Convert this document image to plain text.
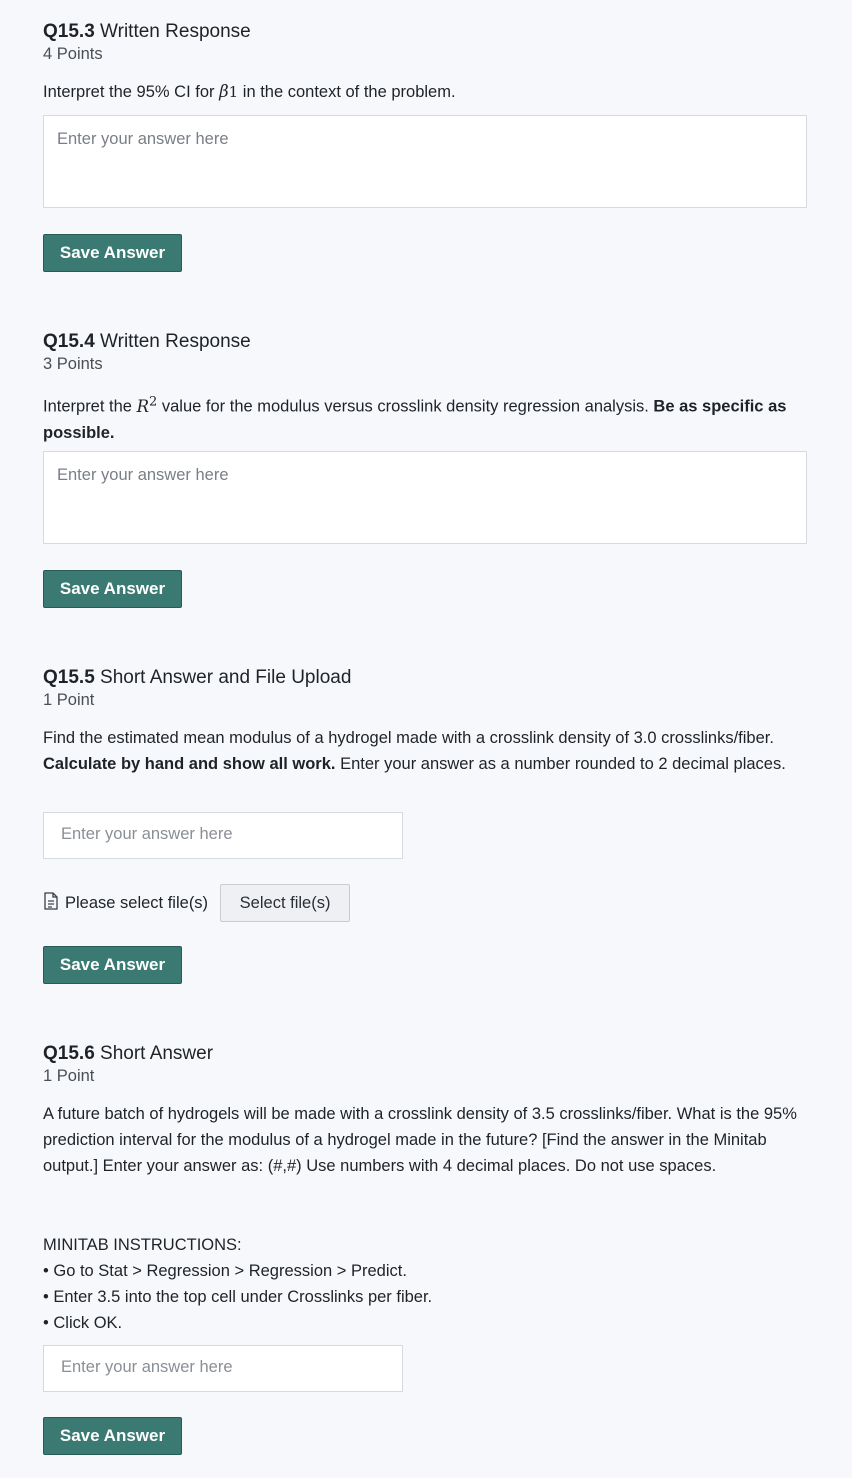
Q15.3 Written Response
4 Points
Interpret the 95% CI for β1 in the context of the problem.
Enter your answer here
Save Answer
Q15.4 Written Response
3 Points
Interpret the $R^2$ value for the modulus versus crosslink density regression analysis. Be as specific as possible.
Enter your answer here
Save Answer
Q15.5 Short Answer and File Upload
1 Point
Find the estimated mean modulus of a hydrogel made with a crosslink density of 3.0 crosslinks/fiber. Calculate by hand and show all work. Enter your answer as a number rounded to 2 decimal places.
Enter your answer here
Please select file(s)	Select file(s)
Save Answer
Q15.6 Short Answer
1 Point
A future batch of hydrogels will be made with a crosslink density of 3.5 crosslinks/fiber. What is the 95% prediction interval for the modulus of a hydrogel made in the future? [Find the answer in the Minitab output.] Enter your answer as: (#,#) Use numbers with 4 decimal places. Do not use spaces.
MINITAB INSTRUCTIONS:
• Go to Stat > Regression > Regression > Predict.
• Enter 3.5 into the top cell under Crosslinks per fiber.
• Click OK.
Enter your answer here
Save Answer
